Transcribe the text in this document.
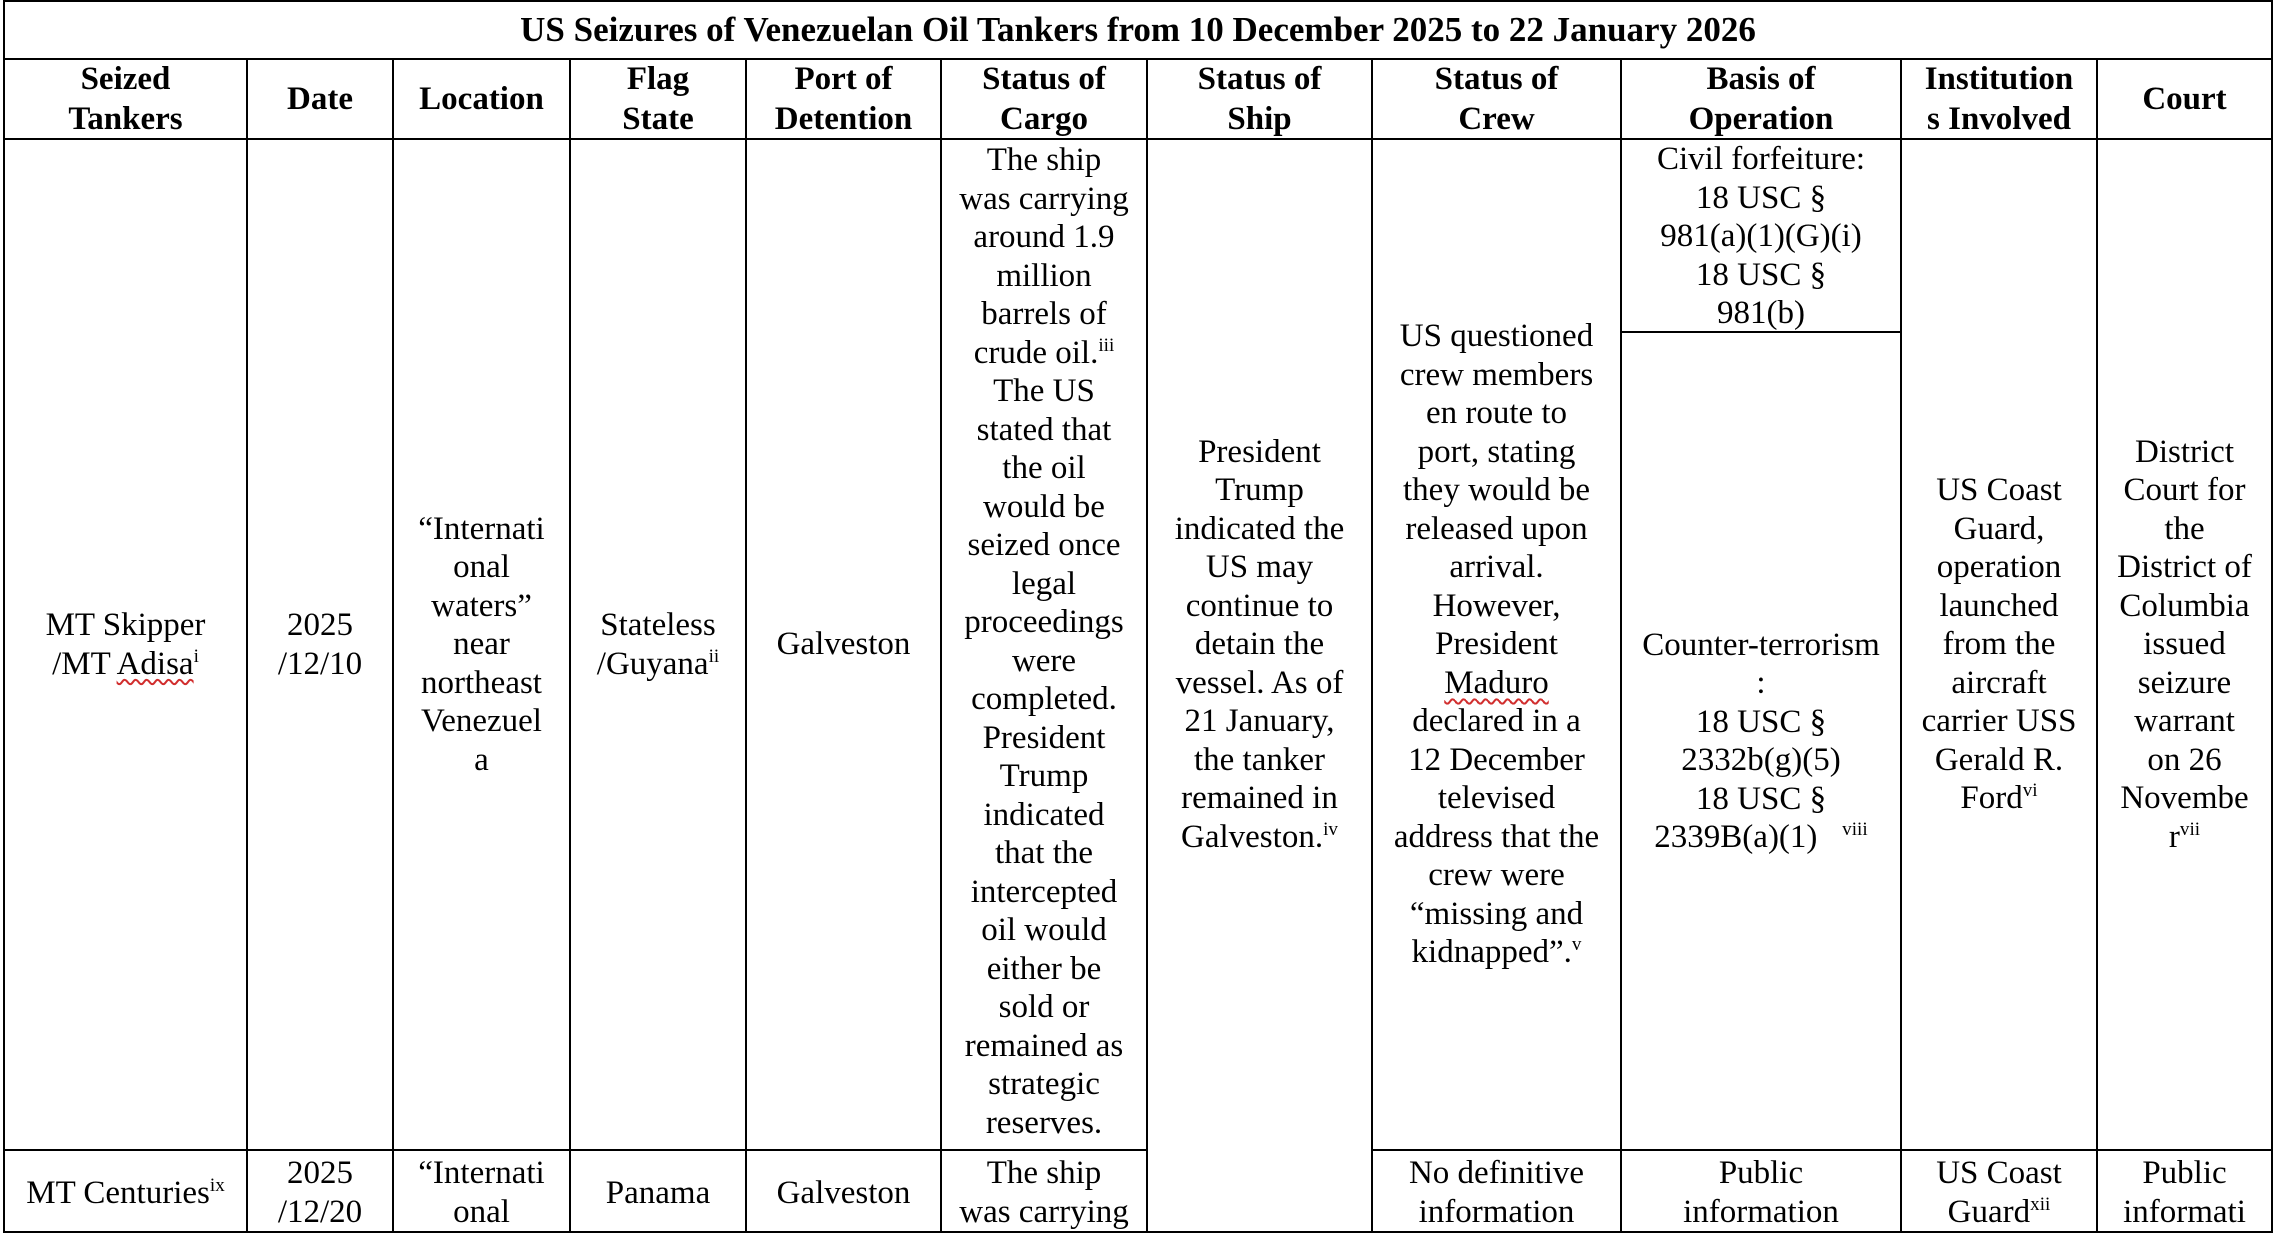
US Seizures of Venezuelan Oil Tankers from 10 December 2025 to 22 January 2026
Seized
Tankers
Date Location
Flag
State
Port of
Detention
Status of
Cargo
Status of
Ship
Status of
Crew
Basis of
Operation
Institution
s Involved
Court
MT Skipper
/MT Adisa$^i$
2025
/12/10
“Internati
onal
waters”
near
northeast
Venezuel
a
Stateless
/Guyana$^{ii}$ Galveston
The ship
was carrying
around 1.9
million
barrels of
crude oil.$^{iii}$
The US
stated that
the oil
would be
seized once
legal
proceedings
were
completed.
President
Trump
indicated
that the
intercepted
oil would
either be
sold or
remained as
strategic
reserves.
President
Trump
indicated the
US may
continue to
detain the
vessel. As of
21 January,
the tanker
remained in
Galveston.$^{iv}$
US questioned
crew members
en route to
port, stating
they would be
released upon
arrival.
However,
President
Maduro
declared in a
12 December
televised
address that the
crew were
“missing and
kidnapped”.$^v$
Civil forfeiture:
18 USC §
981(a)(1)(G)(i)
18 USC §
981(b)
Counter-terrorism
:
18 USC §
2332b(g)(5)
18 USC §
2339B(a)(1) $^{viii}$
US Coast
Guard,
operation
launched
from the
aircraft
carrier USS
Gerald R.
Ford$^{vi}$
District
Court for
the
District of
Columbia
issued
seizure
warrant
on 26
Novembe
$r^{vii}$
MT Centuries$^{ix}$ 2025
/12/20
“Internati
onal
Panama Galveston
The ship
was carrying
No definitive
information
Public
information
US Coast
Guard$^{xii}$
Public
informati
